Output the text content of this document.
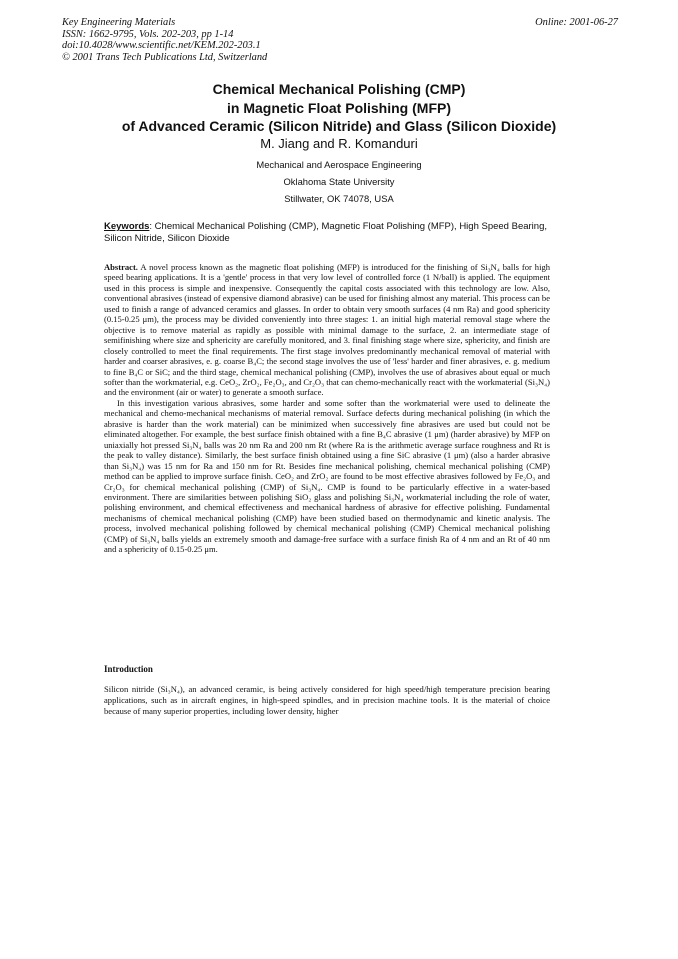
Key Engineering Materials
ISSN: 1662-9795, Vols. 202-203, pp 1-14
doi:10.4028/www.scientific.net/KEM.202-203.1
© 2001 Trans Tech Publications Ltd, Switzerland
Online: 2001-06-27
Chemical Mechanical Polishing (CMP)
in Magnetic Float Polishing (MFP)
of Advanced Ceramic (Silicon Nitride) and Glass (Silicon Dioxide)
M. Jiang and R. Komanduri
Mechanical and Aerospace Engineering
Oklahoma State University
Stillwater, OK 74078, USA
Keywords: Chemical Mechanical Polishing (CMP), Magnetic Float Polishing (MFP), High Speed Bearing, Silicon Nitride, Silicon Dioxide

Abstract. A novel process known as the magnetic float polishing (MFP) is introduced for the finishing of Si₃N₄ balls for high speed bearing applications. It is a 'gentle' process in that very low level of controlled force (1 N/ball) is applied. The equipment used in this process is simple and inexpensive. Consequently the capital costs associated with this technology are low. Also, conventional abrasives (instead of expensive diamond abrasive) can be used for finishing almost any material. This process can be used to finish a range of advanced ceramics and glasses. In order to obtain very smooth surfaces (4 nm Ra) and good sphericity (0.15-0.25 μm), the process may be divided conveniently into three stages: 1. an initial high material removal stage where the objective is to remove material as rapidly as possible with minimal damage to the surface, 2. an intermediate stage of semifinishing where size and sphericity are carefully monitored, and 3. final finishing stage where size, sphericity, and finish are closely controlled to meet the final requirements. The first stage involves predominantly mechanical removal of material with harder and coarser abrasives, e. g. coarse B₄C; the second stage involves the use of 'less' harder and finer abrasives, e. g. medium to fine B₄C or SiC; and the third stage, chemical mechanical polishing (CMP), involves the use of abrasives about equal or much softer than the workmaterial, e.g. CeO₂, ZrO₂, Fe₂O₃, and Cr₂O₃ that can chemo-mechanically react with the workmaterial (Si₃N₄) and the environment (air or water) to generate a smooth surface.

In this investigation various abrasives, some harder and some softer than the workmaterial were used to delineate the mechanical and chemo-mechanical mechanisms of material removal. Surface defects during mechanical polishing (in which the abrasive is harder than the work material) can be minimized when successively fine abrasives are used but could not be eliminated altogether. For example, the best surface finish obtained with a fine B₄C abrasive (1 μm) (harder abrasive) by MFP on uniaxially hot pressed Si₃N₄ balls was 20 nm Ra and 200 nm Rt (where Ra is the arithmetic average surface roughness and Rt is the peak to valley distance). Similarly, the best surface finish obtained using a fine SiC abrasive (1 μm) (also a harder abrasive than Si₃N₄) was 15 nm for Ra and 150 nm for Rt. Besides fine mechanical polishing, chemical mechanical polishing (CMP) method can be applied to improve surface finish. CeO₂ and ZrO₂ are found to be most effective abrasives followed by Fe₂O₃ and Cr₂O₃ for chemical mechanical polishing (CMP) of Si₃N₄. CMP is found to be particularly effective in a water-based environment. There are similarities between polishing SiO₂ glass and polishing Si₃N₄ workmaterial including the role of water, polishing environment, and chemical effectiveness and mechanical hardness of abrasive for effective polishing. Fundamental mechanisms of chemical mechanical polishing (CMP) have been studied based on thermodynamic and kinetic analysis. The process, involved mechanical polishing followed by chemical mechanical polishing (CMP) Chemical mechanical polishing (CMP) of Si₃N₄ balls yields an extremely smooth and damage-free surface with a surface finish Ra of 4 nm and an Rt of 40 nm and a sphericity of 0.15-0.25 μm.

Introduction

Silicon nitride (Si₃N₄), an advanced ceramic, is being actively considered for high speed/high temperature precision bearing applications, such as in aircraft engines, in high-speed spindles, and in precision machine tools. It is the material of choice because of many superior properties, including lower density, higher
